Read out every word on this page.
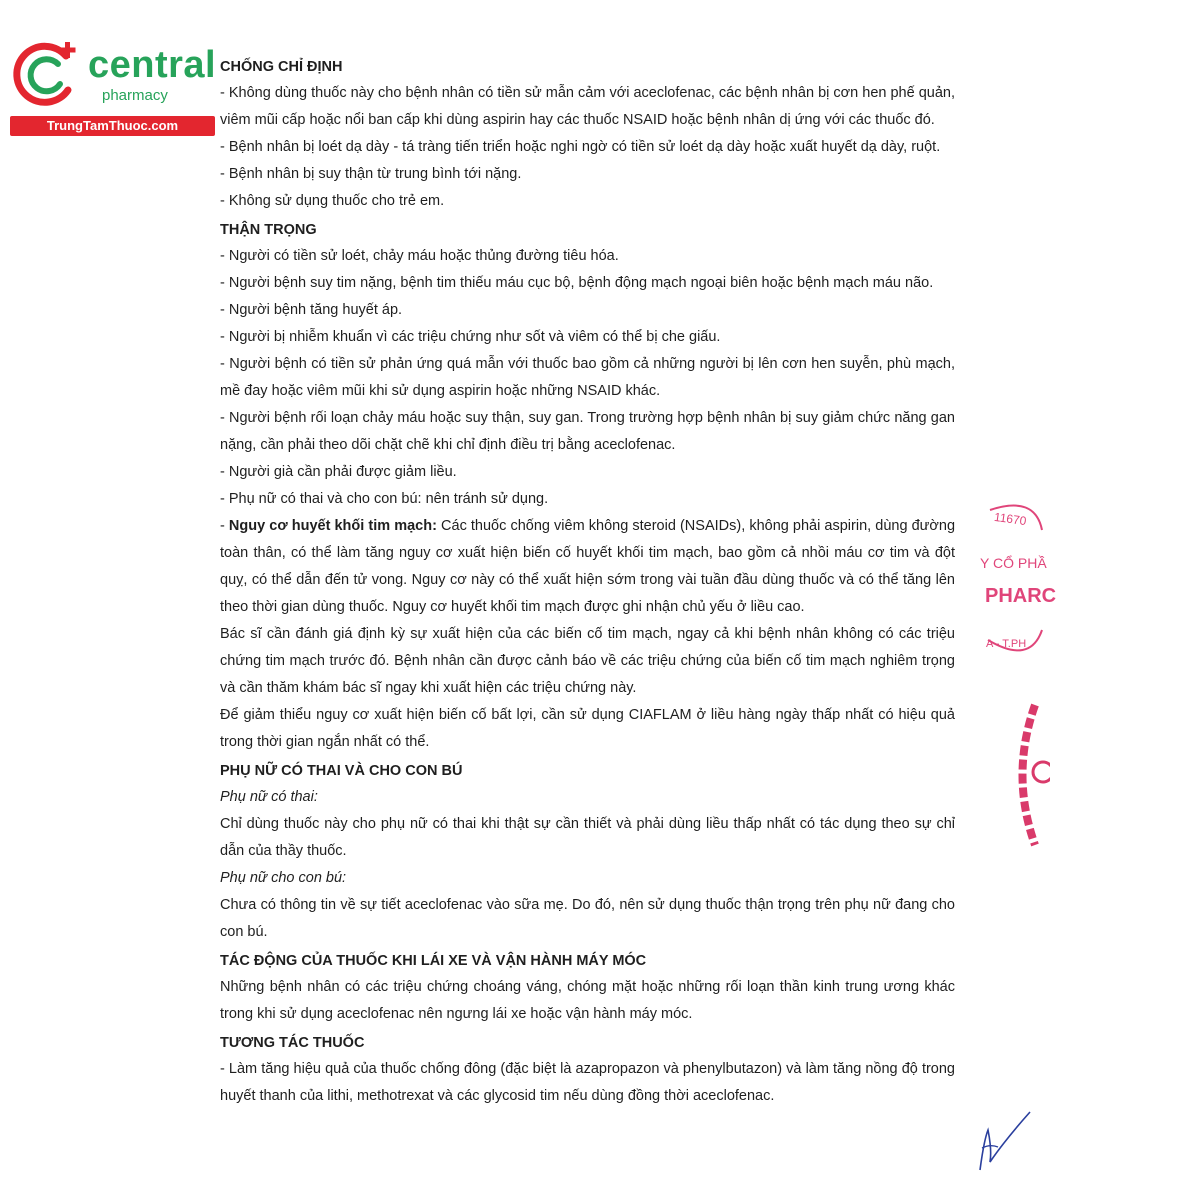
central
pharmacy
TrungTamThuoc.com
CHỐNG CHỈ ĐỊNH

- Không dùng thuốc này cho bệnh nhân có tiền sử mẫn cảm với aceclofenac, các bệnh nhân bị cơn hen phế quản, viêm mũi cấp hoặc nổi ban cấp khi dùng aspirin hay các thuốc NSAID hoặc bệnh nhân dị ứng với các thuốc đó.

- Bệnh nhân bị loét dạ dày - tá tràng tiến triển hoặc nghi ngờ có tiền sử loét dạ dày hoặc xuất huyết dạ dày, ruột.

- Bệnh nhân bị suy thận từ trung bình tới nặng.

- Không sử dụng thuốc cho trẻ em.

THẬN TRỌNG

- Người có tiền sử loét, chảy máu hoặc thủng đường tiêu hóa.

- Người bệnh suy tim nặng, bệnh tim thiếu máu cục bộ, bệnh động mạch ngoại biên hoặc bệnh mạch máu não.

- Người bệnh tăng huyết áp.

- Người bị nhiễm khuẩn vì các triệu chứng như sốt và viêm có thể bị che giấu.

- Người bệnh có tiền sử phản ứng quá mẫn với thuốc bao gồm cả những người bị lên cơn hen suyễn, phù mạch, mề đay hoặc viêm mũi khi sử dụng aspirin hoặc những NSAID khác.

- Người bệnh rối loạn chảy máu hoặc suy thận, suy gan. Trong trường hợp bệnh nhân bị suy giảm chức năng gan nặng, cần phải theo dõi chặt chẽ khi chỉ định điều trị bằng aceclofenac.

- Người già cần phải được giảm liều.

- Phụ nữ có thai và cho con bú: nên tránh sử dụng.

- Nguy cơ huyết khối tim mạch: Các thuốc chống viêm không steroid (NSAIDs), không phải aspirin, dùng đường toàn thân, có thể làm tăng nguy cơ xuất hiện biến cố huyết khối tim mạch, bao gồm cả nhồi máu cơ tim và đột quỵ, có thể dẫn đến tử vong. Nguy cơ này có thể xuất hiện sớm trong vài tuần đầu dùng thuốc và có thể tăng lên theo thời gian dùng thuốc. Nguy cơ huyết khối tim mạch được ghi nhận chủ yếu ở liều cao.

Bác sĩ cần đánh giá định kỳ sự xuất hiện của các biến cố tim mạch, ngay cả khi bệnh nhân không có các triệu chứng tim mạch trước đó. Bệnh nhân cần được cảnh báo về các triệu chứng của biến cố tim mạch nghiêm trọng và cần thăm khám bác sĩ ngay khi xuất hiện các triệu chứng này.

Để giảm thiểu nguy cơ xuất hiện biến cố bất lợi, cần sử dụng CIAFLAM ở liều hàng ngày thấp nhất có hiệu quả trong thời gian ngắn nhất có thể.

PHỤ NỮ CÓ THAI VÀ CHO CON BÚ

Phụ nữ có thai:

Chỉ dùng thuốc này cho phụ nữ có thai khi thật sự cần thiết và phải dùng liều thấp nhất có tác dụng theo sự chỉ dẫn của thầy thuốc.

Phụ nữ cho con bú:

Chưa có thông tin về sự tiết aceclofenac vào sữa mẹ. Do đó, nên sử dụng thuốc thận trọng trên phụ nữ đang cho con bú.

TÁC ĐỘNG CỦA THUỐC KHI LÁI XE VÀ VẬN HÀNH MÁY MÓC

Những bệnh nhân có các triệu chứng choáng váng, chóng mặt hoặc những rối loạn thần kinh trung ương khác trong khi sử dụng aceclofenac nên ngưng lái xe hoặc vận hành máy móc.

TƯƠNG TÁC THUỐC

- Làm tăng hiệu quả của thuốc chống đông (đặc biệt là azapropazon và phenylbutazon) và làm tăng nồng độ trong huyết thanh của lithi, methotrexat và các glycosid tim nếu dùng đồng thời aceclofenac.

11670
Y CỔ PHẦ
PHARC
A - T.PH
